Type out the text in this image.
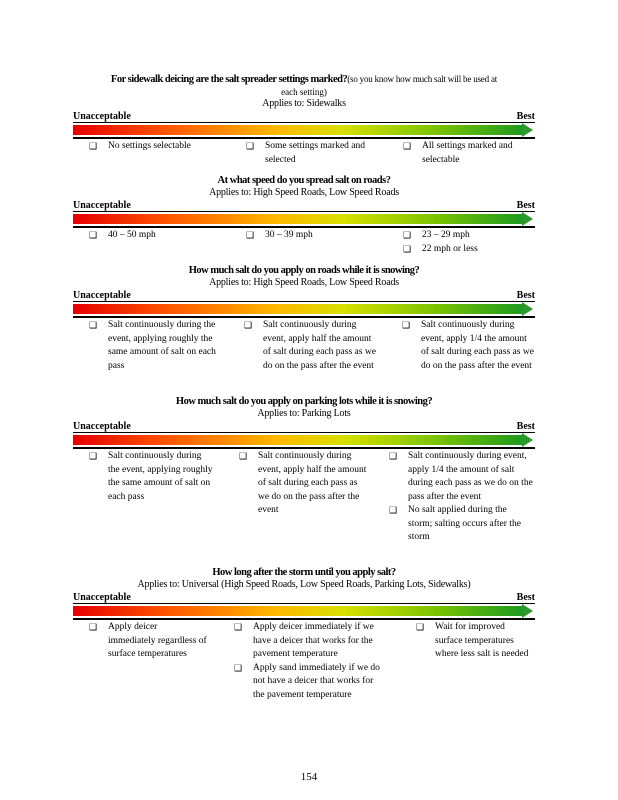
For sidewalk deicing are the salt spreader settings marked?(so you know how much salt will be used at
each setting)
Applies to: Sidewalks
Unacceptable	Best
❑ No settings selectable	❑ Some settings marked and selected
❑ All settings marked and selectable
At what speed do you spread salt on roads?
Applies to: High Speed Roads, Low Speed Roads
Unacceptable	Best
❑ 40 – 50 mph	❑ 30 – 39 mph	❑ 23 – 29 mph
❑ 22 mph or less
How much salt do you apply on roads while it is snowing?
Applies to: High Speed Roads, Low Speed Roads
Unacceptable	Best
❑ Salt continuously during the event, applying roughly the same amount of salt on each pass
❑ Salt continuously during event, apply half the amount of salt during each pass as we do on the pass after the event
❑ Salt continuously during event, apply 1/4 the amount of salt during each pass as we do on the pass after the event
How much salt do you apply on parking lots while it is snowing?
Applies to: Parking Lots
Unacceptable	Best
❑ Salt continuously during the event, applying roughly the same amount of salt on each pass
❑ Salt continuously during event, apply half the amount of salt during each pass as we do on the pass after the event
❑ Salt continuously during event, apply 1/4 the amount of salt during each pass as we do on the pass after the event
❑ No salt applied during the storm; salting occurs after the storm
How long after the storm until you apply salt?
Applies to: Universal (High Speed Roads, Low Speed Roads, Parking Lots, Sidewalks)
Unacceptable	Best
❑ Apply deicer immediately regardless of surface temperatures
❑ Apply deicer immediately if we have a deicer that works for the pavement temperature
❑ Apply sand immediately if we do not have a deicer that works for the pavement temperature
❑ Wait for improved surface temperatures where less salt is needed
154
